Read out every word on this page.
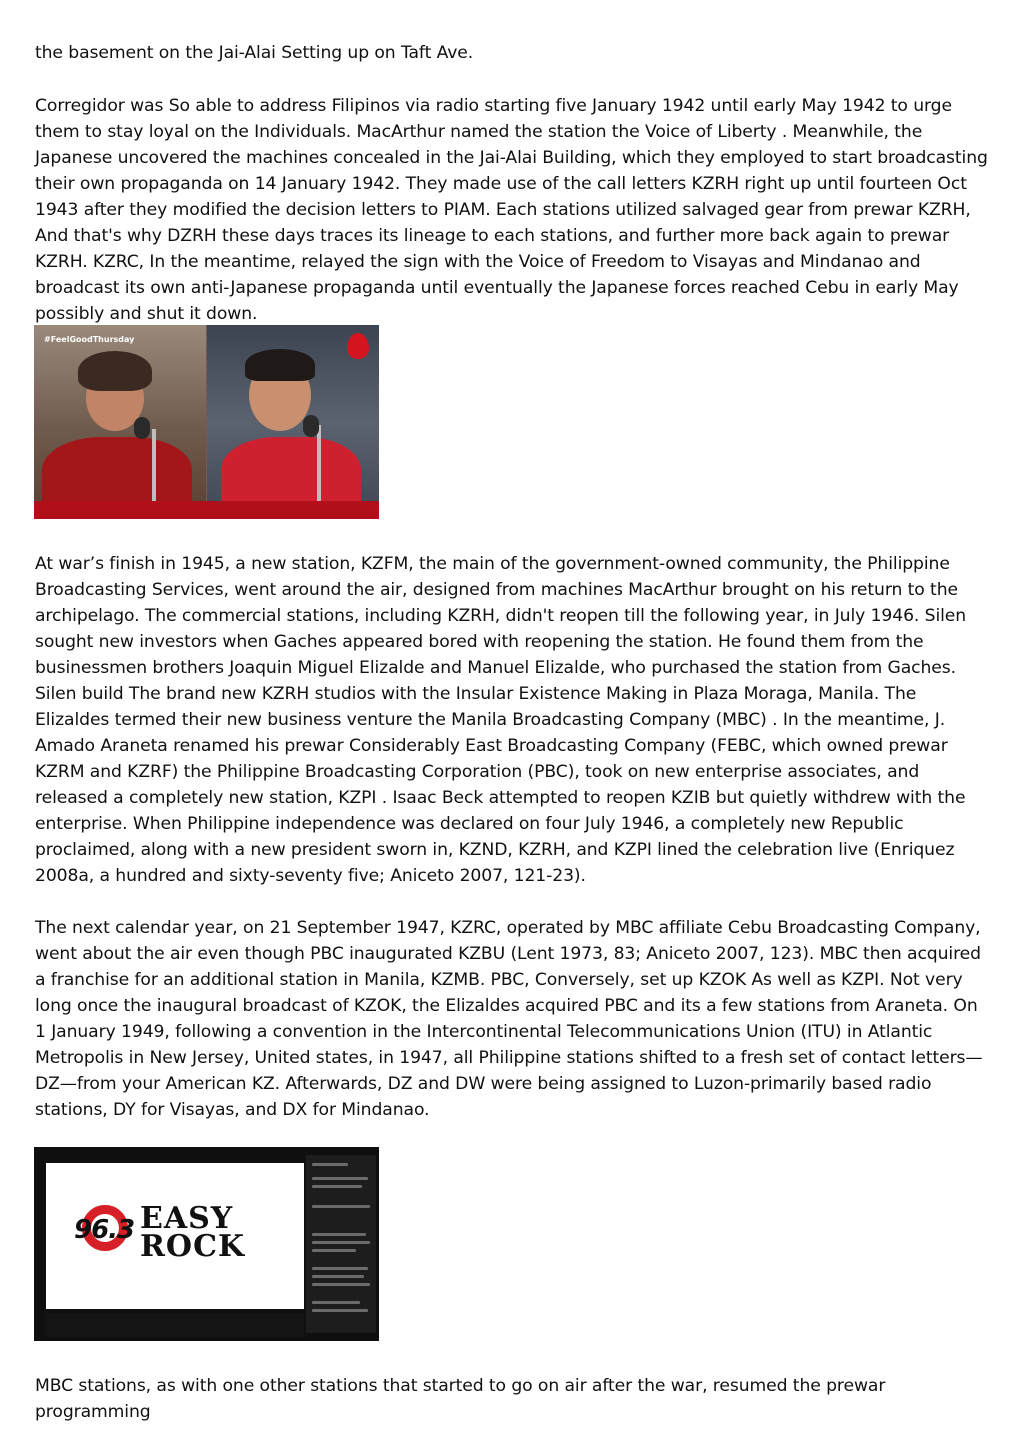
the basement on the Jai-Alai Setting up on Taft Ave.

Corregidor was So able to address Filipinos via radio starting five January 1942 until early May 1942 to urge them to stay loyal on the Individuals. MacArthur named the station the Voice of Liberty . Meanwhile, the Japanese uncovered the machines concealed in the Jai-Alai Building, which they employed to start broadcasting their own propaganda on 14 January 1942. They made use of the call letters KZRH right up until fourteen Oct 1943 after they modified the decision letters to PIAM. Each stations utilized salvaged gear from prewar KZRH, And that's why DZRH these days traces its lineage to each stations, and further more back again to prewar KZRH. KZRC, In the meantime, relayed the sign with the Voice of Freedom to Visayas and Mindanao and broadcast its own anti-Japanese propaganda until eventually the Japanese forces reached Cebu in early May possibly and shut it down.

#FeelGoodThursday

At war’s finish in 1945, a new station, KZFM, the main of the government-owned community, the Philippine Broadcasting Services, went around the air, designed from machines MacArthur brought on his return to the archipelago. The commercial stations, including KZRH, didn't reopen till the following year, in July 1946. Silen sought new investors when Gaches appeared bored with reopening the station. He found them from the businessmen brothers Joaquin Miguel Elizalde and Manuel Elizalde, who purchased the station from Gaches. Silen build The brand new KZRH studios with the Insular Existence Making in Plaza Moraga, Manila. The Elizaldes termed their new business venture the Manila Broadcasting Company (MBC) . In the meantime, J. Amado Araneta renamed his prewar Considerably East Broadcasting Company (FEBC, which owned prewar KZRM and KZRF) the Philippine Broadcasting Corporation (PBC), took on new enterprise associates, and released a completely new station, KZPI . Isaac Beck attempted to reopen KZIB but quietly withdrew with the enterprise. When Philippine independence was declared on four July 1946, a completely new Republic proclaimed, along with a new president sworn in, KZND, KZRH, and KZPI lined the celebration live (Enriquez 2008a, a hundred and sixty-seventy five; Aniceto 2007, 121-23).

The next calendar year, on 21 September 1947, KZRC, operated by MBC affiliate Cebu Broadcasting Company, went about the air even though PBC inaugurated KZBU (Lent 1973, 83; Aniceto 2007, 123). MBC then acquired a franchise for an additional station in Manila, KZMB. PBC, Conversely, set up KZOK As well as KZPI. Not very long once the inaugural broadcast of KZOK, the Elizaldes acquired PBC and its a few stations from Araneta. On 1 January 1949, following a convention in the Intercontinental Telecommunications Union (ITU) in Atlantic Metropolis in New Jersey, United states, in 1947, all Philippine stations shifted to a fresh set of contact letters—DZ—from your American KZ. Afterwards, DZ and DW were being assigned to Luzon-primarily based radio stations, DY for Visayas, and DX for Mindanao.

96.3 EASY
ROCK

MBC stations, as with one other stations that started to go on air after the war, resumed the prewar programming
